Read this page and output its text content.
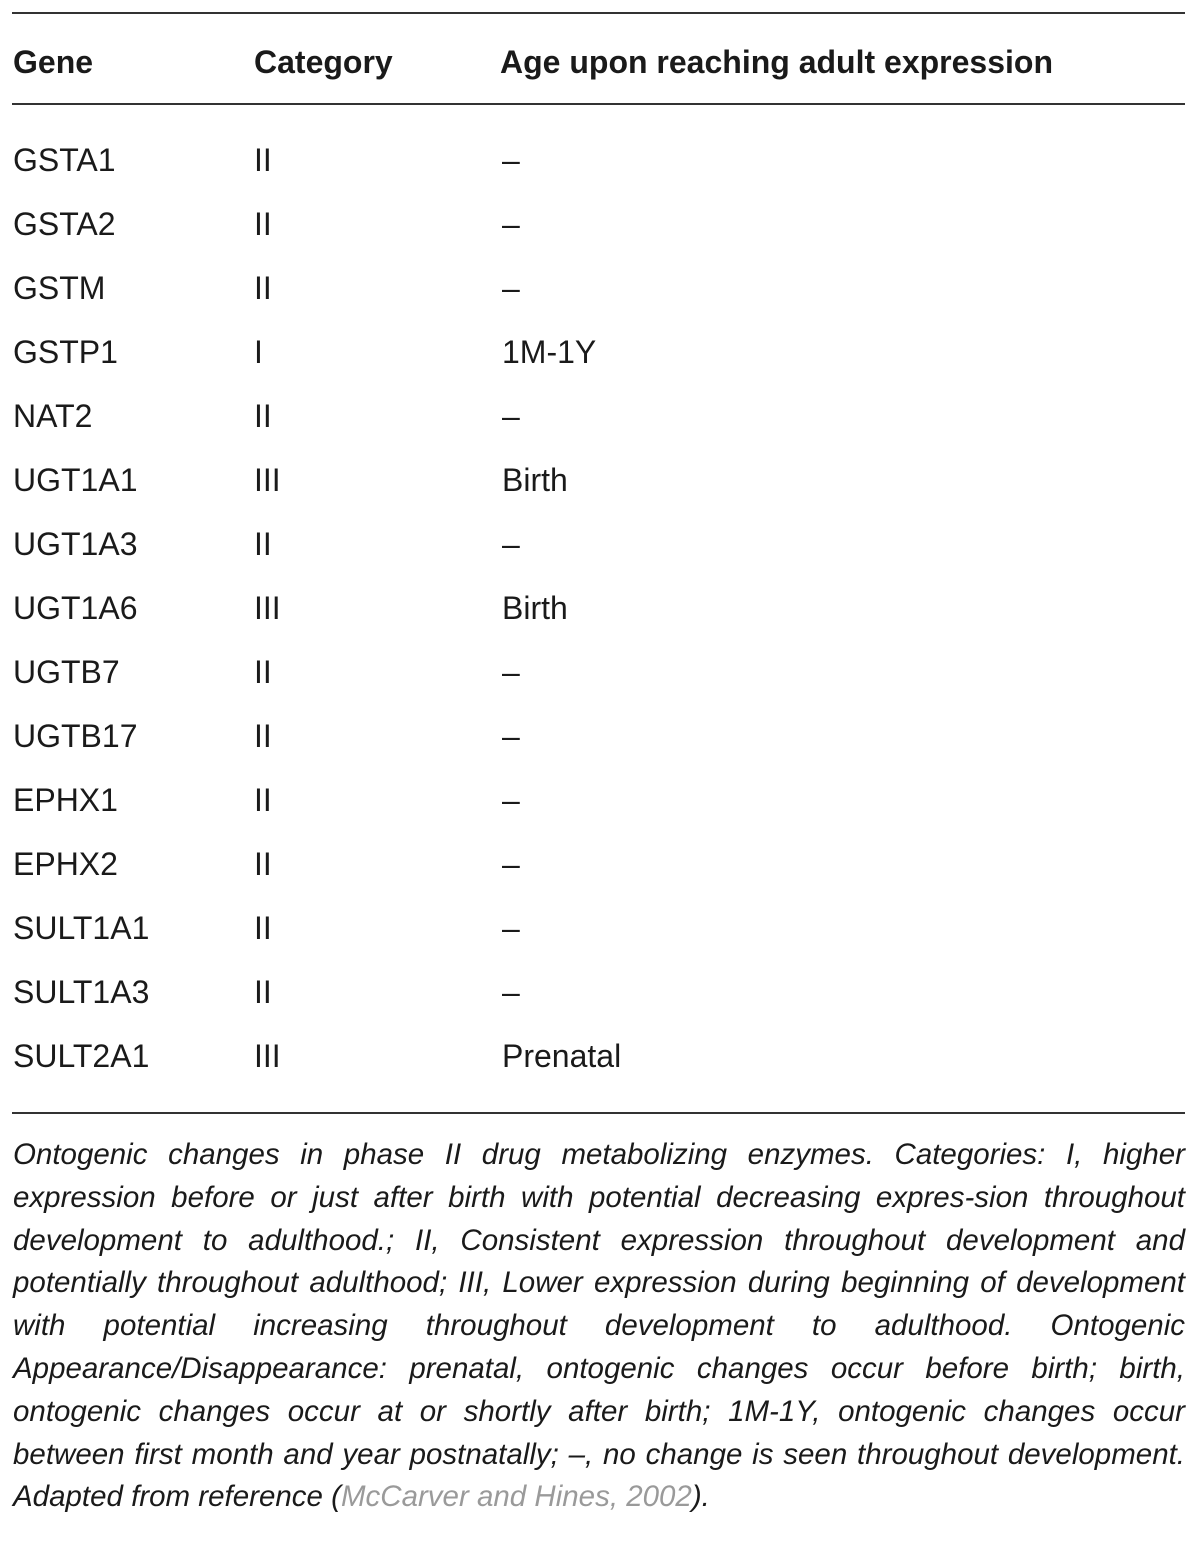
Gene	Category	Age upon reaching adult expression
GSTA1	II	–
GSTA2	II	–
GSTM	II	–
GSTP1	I	1M-1Y
NAT2	II	–
UGT1A1	III	Birth
UGT1A3	II	–
UGT1A6	III	Birth
UGTB7	II	–
UGTB17	II	–
EPHX1	II	–
EPHX2	II	–
SULT1A1	II	–
SULT1A3	II	–
SULT2A1	III	Prenatal
Ontogenic changes in phase II drug metabolizing enzymes. Categories: I, higher expression before or just after birth with potential decreasing expres-sion throughout development to adulthood.; II, Consistent expression throughout development and potentially throughout adulthood; III, Lower expression during beginning of development with potential increasing throughout development to adulthood. Ontogenic Appearance/Disappearance: prenatal, ontogenic changes occur before birth; birth, ontogenic changes occur at or shortly after birth; 1M-1Y, ontogenic changes occur between first month and year postnatally; –, no change is seen throughout development. Adapted from reference (McCarver and Hines, 2002).
